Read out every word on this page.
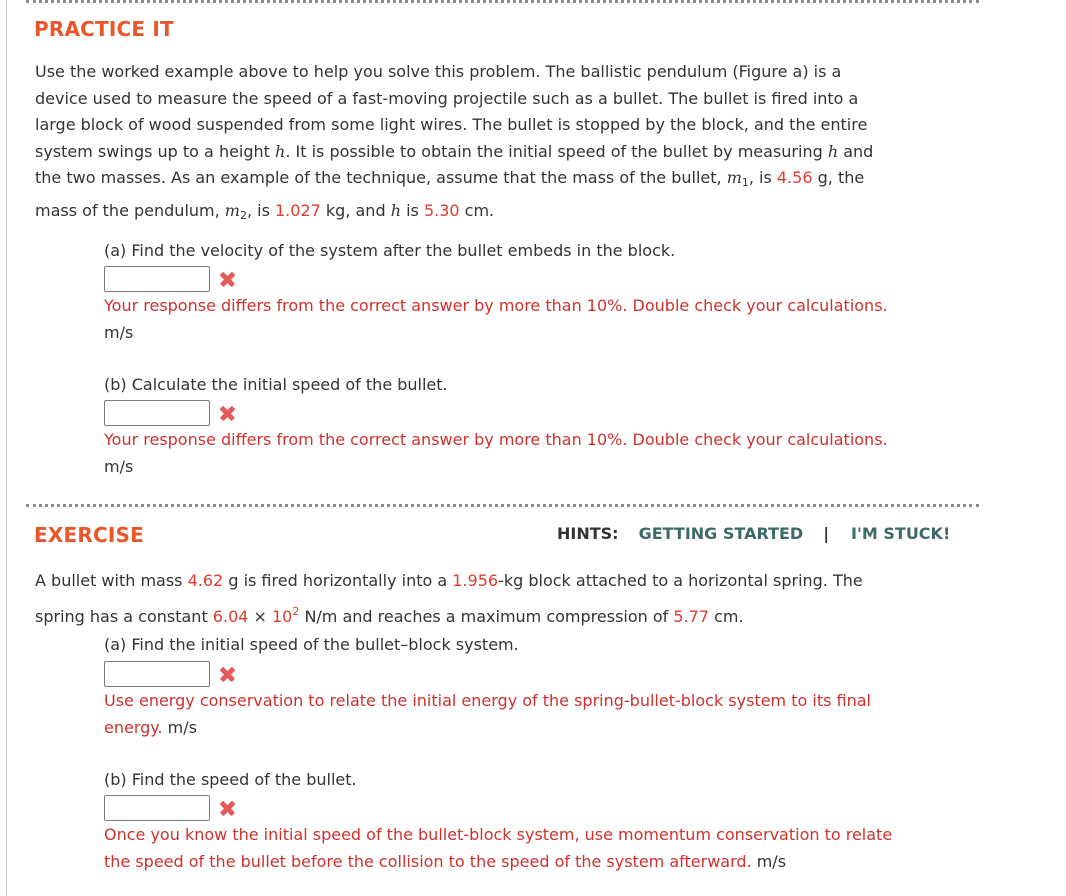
PRACTICE IT
Use the worked example above to help you solve this problem. The ballistic pendulum (Figure a) is a
device used to measure the speed of a fast-moving projectile such as a bullet. The bullet is fired into a
large block of wood suspended from some light wires. The bullet is stopped by the block, and the entire
system swings up to a height h. It is possible to obtain the initial speed of the bullet by measuring h and
the two masses. As an example of the technique, assume that the mass of the bullet, $m_1$, is 4.56 g, the
mass of the pendulum, $m_2$, is 1.027 kg, and h is 5.30 cm.
(a) Find the velocity of the system after the bullet embeds in the block.
Your response differs from the correct answer by more than 10%. Double check your calculations.
m/s
(b) Calculate the initial speed of the bullet.
Your response differs from the correct answer by more than 10%. Double check your calculations.
m/s
EXERCISE	HINTS: GETTING STARTED | I'M STUCK!
A bullet with mass 4.62 g is fired horizontally into a 1.956-kg block attached to a horizontal spring. The
spring has a constant $6.04 \times 10^2$ N/m and reaches a maximum compression of 5.77 cm.
(a) Find the initial speed of the bullet–block system.
Use energy conservation to relate the initial energy of the spring-bullet-block system to its final
energy. m/s
(b) Find the speed of the bullet.
Once you know the initial speed of the bullet-block system, use momentum conservation to relate
the speed of the bullet before the collision to the speed of the system afterward. m/s
